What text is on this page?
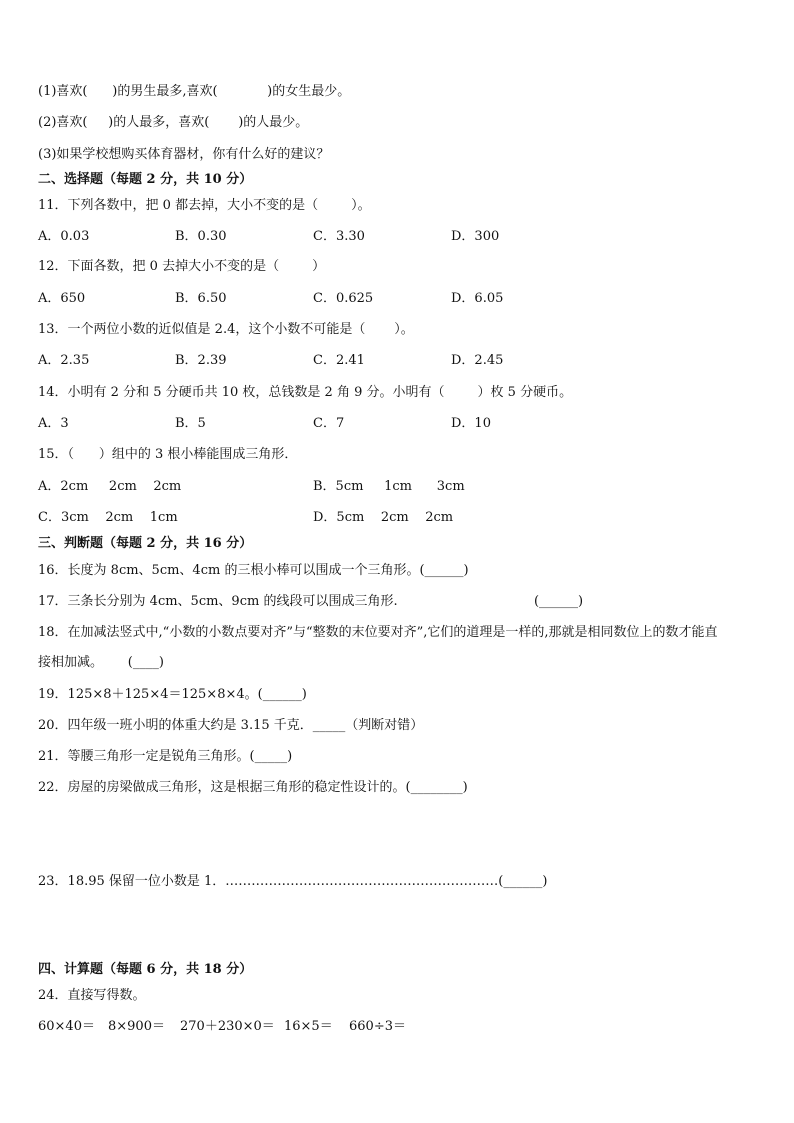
(1)喜欢(      )的男生最多,喜欢(            )的女生最少。
(2)喜欢(     )的人最多，喜欢(       )的人最少。
(3)如果学校想购买体育器材，你有什么好的建议？
二、选择题（每题 2 分，共 10 分）
11．下列各数中，把 0 都去掉，大小不变的是（        ）。
A．0.03	B．0.30	C．3.30	D．300
12．下面各数，把 0 去掉大小不变的是（        ）
A．650	B．6.50	C．0.625	D．6.05
13．一个两位小数的近似值是 2.4，这个小数不可能是（       ）。
A．2.35	B．2.39	C．2.41	D．2.45
14．小明有 2 分和 5 分硬币共 10 枚，总钱数是 2 角 9 分。小明有（        ）枚 5 分硬币。
A．3	B．5	C．7	D．10
15．（      ）组中的 3 根小棒能围成三角形．
A．2cm     2cm    2cm	B．5cm     1cm      3cm
C．3cm    2cm    1cm	D．5cm    2cm    2cm
三、判断题（每题 2 分，共 16 分）
16．长度为 8cm、5cm、4cm 的三根小棒可以围成一个三角形。(______)
17．三条长分别为 4cm、5cm、9cm 的线段可以围成三角形.                                 (______)
18．在加减法竖式中,“小数的小数点要对齐”与“整数的末位要对齐”,它们的道理是一样的,那就是相同数位上的数才能直
接相加减。      (____)
19．125×8＋125×4＝125×8×4。(______)
20．四年级一班小明的体重大约是 3.15 千克．_____（判断对错）
21．等腰三角形一定是锐角三角形。(_____)
22．房屋的房梁做成三角形，这是根据三角形的稳定性设计的。(________)
23．18.95 保留一位小数是 1．………………………………………………………(______)
四、计算题（每题 6 分，共 18 分）
24．直接写得数。
60×40＝ 8×900＝ 270＋230×0＝ 16×5＝ 660÷3＝
